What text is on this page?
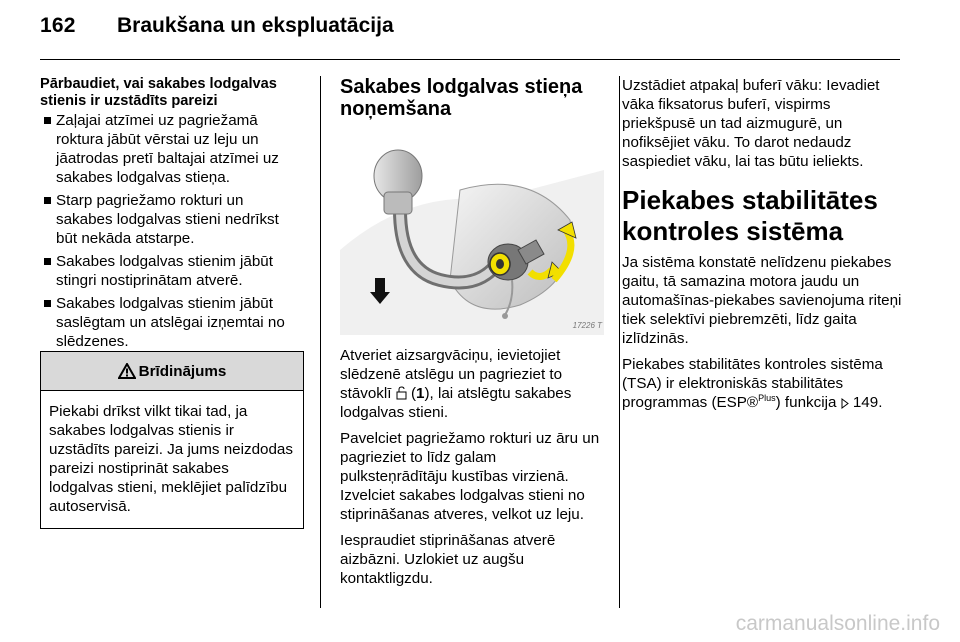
162 Braukšana un ekspluatācija
Pārbaudiet, vai sakabes lodgalvas stienis ir uzstādīts pareizi
Zaļajai atzīmei uz pagriežamā roktura jābūt vērstai uz leju un jāatrodas pretī baltajai atzīmei uz sakabes lodgalvas stieņa.
Starp pagriežamo rokturi un sakabes lodgalvas stieni nedrīkst būt nekāda atstarpe.
Sakabes lodgalvas stienim jābūt stingri nostiprinātam atverē.
Sakabes lodgalvas stienim jābūt saslēgtam un atslēgai izņemtai no slēdzenes.
Brīdinājums
Piekabi drīkst vilkt tikai tad, ja sakabes lodgalvas stienis ir uzstādīts pareizi. Ja jums neizdodas pareizi nostiprināt sakabes lodgalvas stieni, meklējiet palīdzību autoservisā.
Sakabes lodgalvas stieņa noņemšana
17226 T

Atveriet aizsargvāciņu, ievietojiet slēdzenē atslēgu un pagrieziet to stāvoklī  (1), lai atslēgtu sakabes lodgalvas stieni.

Pavelciet pagriežamo rokturi uz āru un pagrieziet to līdz galam pulksteņrādītāju kustības virzienā. Izvelciet sakabes lodgalvas stieni no stiprināšanas atveres, velkot uz leju.

Iespraudiet stiprināšanas atverē aizbāzni. Uzlokiet uz augšu kontaktligzdu.

Uzstādiet atpakaļ buferī vāku: Ievadiet vāka fiksatorus buferī, vispirms priekšpusē un tad aizmugurē, un nofiksējiet vāku. To darot nedaudz saspiediet vāku, lai tas būtu ieliekts.

Piekabes stabilitātes kontroles sistēma

Ja sistēma konstatē nelīdzenu piekabes gaitu, tā samazina motora jaudu un automašīnas-piekabes savienojuma riteņi tiek selektīvi piebremzēti, līdz gaita izlīdzinās.

Piekabes stabilitātes kontroles sistēma (TSA) ir elektroniskās stabilitātes programmas (ESP®$^{Plus}$) funkcija  149.

carmanualsonline.info
